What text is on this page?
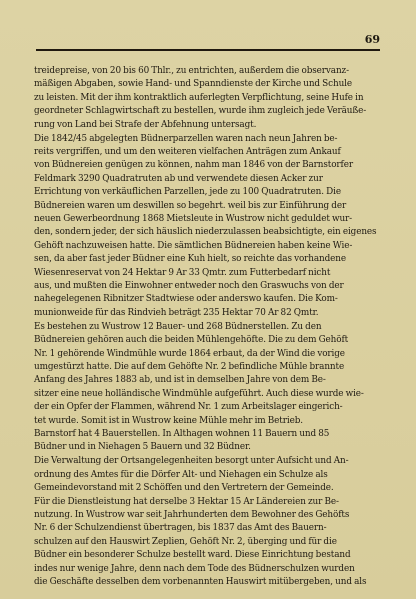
69

treidepreise, von 20 bis 60 Thlr., zu entrichten, außerdem die observanz-
mäßigen Abgaben, sowie Hand- und Spanndienste der Kirche und Schule
zu leisten. Mit der ihm kontraktlich auferlegten Verpflichtung, seine Hufe in
geordneter Schlagwirtschaft zu bestellen, wurde ihm zugleich jede Veräuße-
rung von Land bei Strafe der Abfehnung untersagt.

Die 1842/45 abgelegten Büdnerparzellen waren nach neun Jahren be-
reits vergriffen, und um den weiteren vielfachen Anträgen zum Ankauf
von Büdnereien genügen zu können, nahm man 1846 von der Barnstorfer
Feldmark 3290 Quadratruten ab und verwendete diesen Acker zur
Errichtung von verkäuflichen Parzellen, jede zu 100 Quadratruten. Die
Büdnereien waren um deswillen so begehrt. weil bis zur Einführung der
neuen Gewerbeordnung 1868 Mietsleute in Wustrow nicht geduldet wur-
den, sondern jeder, der sich häuslich niederzulassen beabsichtigte, ein eigenes
Gehöft nachzuweisen hatte. Die sämtlichen Büdnereien haben keine Wie-
sen, da aber fast jeder Büdner eine Kuh hielt, so reichte das vorhandene
Wiesenreservat von 24 Hektar 9 Ar 33 Qmtr. zum Futterbedarf nicht
aus, und mußten die Einwohner entweder noch den Graswuchs von der
nahegelegenen Ribnitzer Stadtwiese oder anderswo kaufen. Die Kom-
munionweide für das Rindvieh beträgt 235 Hektar 70 Ar 82 Qmtr.

Es bestehen zu Wustrow 12 Bauer- und 268 Büdnerstellen. Zu den
Büdnereien gehören auch die beiden Mühlengehöfte. Die zu dem Gehöft
Nr. 1 gehörende Windmühle wurde 1864 erbaut, da der Wind die vorige
umgestürzt hatte. Die auf dem Gehöfte Nr. 2 befindliche Mühle brannte
Anfang des Jahres 1883 ab, und ist in demselben Jahre von dem Be-
sitzer eine neue holländische Windmühle aufgeführt. Auch diese wurde wie-
der ein Opfer der Flammen, während Nr. 1 zum Arbeitslager eingerich-
tet wurde. Somit ist in Wustrow keine Mühle mehr im Betrieb.
Barnstorf hat 4 Bauerstellen. In Althagen wohnen 11 Bauern und 85
Büdner und in Niehagen 5 Bauern und 32 Büdner.

Die Verwaltung der Ortsangelegenheiten besorgt unter Aufsicht und An-
ordnung des Amtes für die Dörfer Alt- und Niehagen ein Schulze als
Gemeindevorstand mit 2 Schöffen und den Vertretern der Gemeinde.
Für die Dienstleistung hat derselbe 3 Hektar 15 Ar Ländereien zur Be-
nutzung. In Wustrow war seit Jahrhunderten dem Bewohner des Gehöfts
Nr. 6 der Schulzendienst übertragen, bis 1837 das Amt des Bauern-
schulzen auf den Hauswirt Zeplien, Gehöft Nr. 2, überging und für die
Büdner ein besonderer Schulze bestellt ward. Diese Einrichtung bestand
indes nur wenige Jahre, denn nach dem Tode des Büdnerschulzen wurden
die Geschäfte desselben dem vorbenannten Hauswirt mitübergeben, und als
